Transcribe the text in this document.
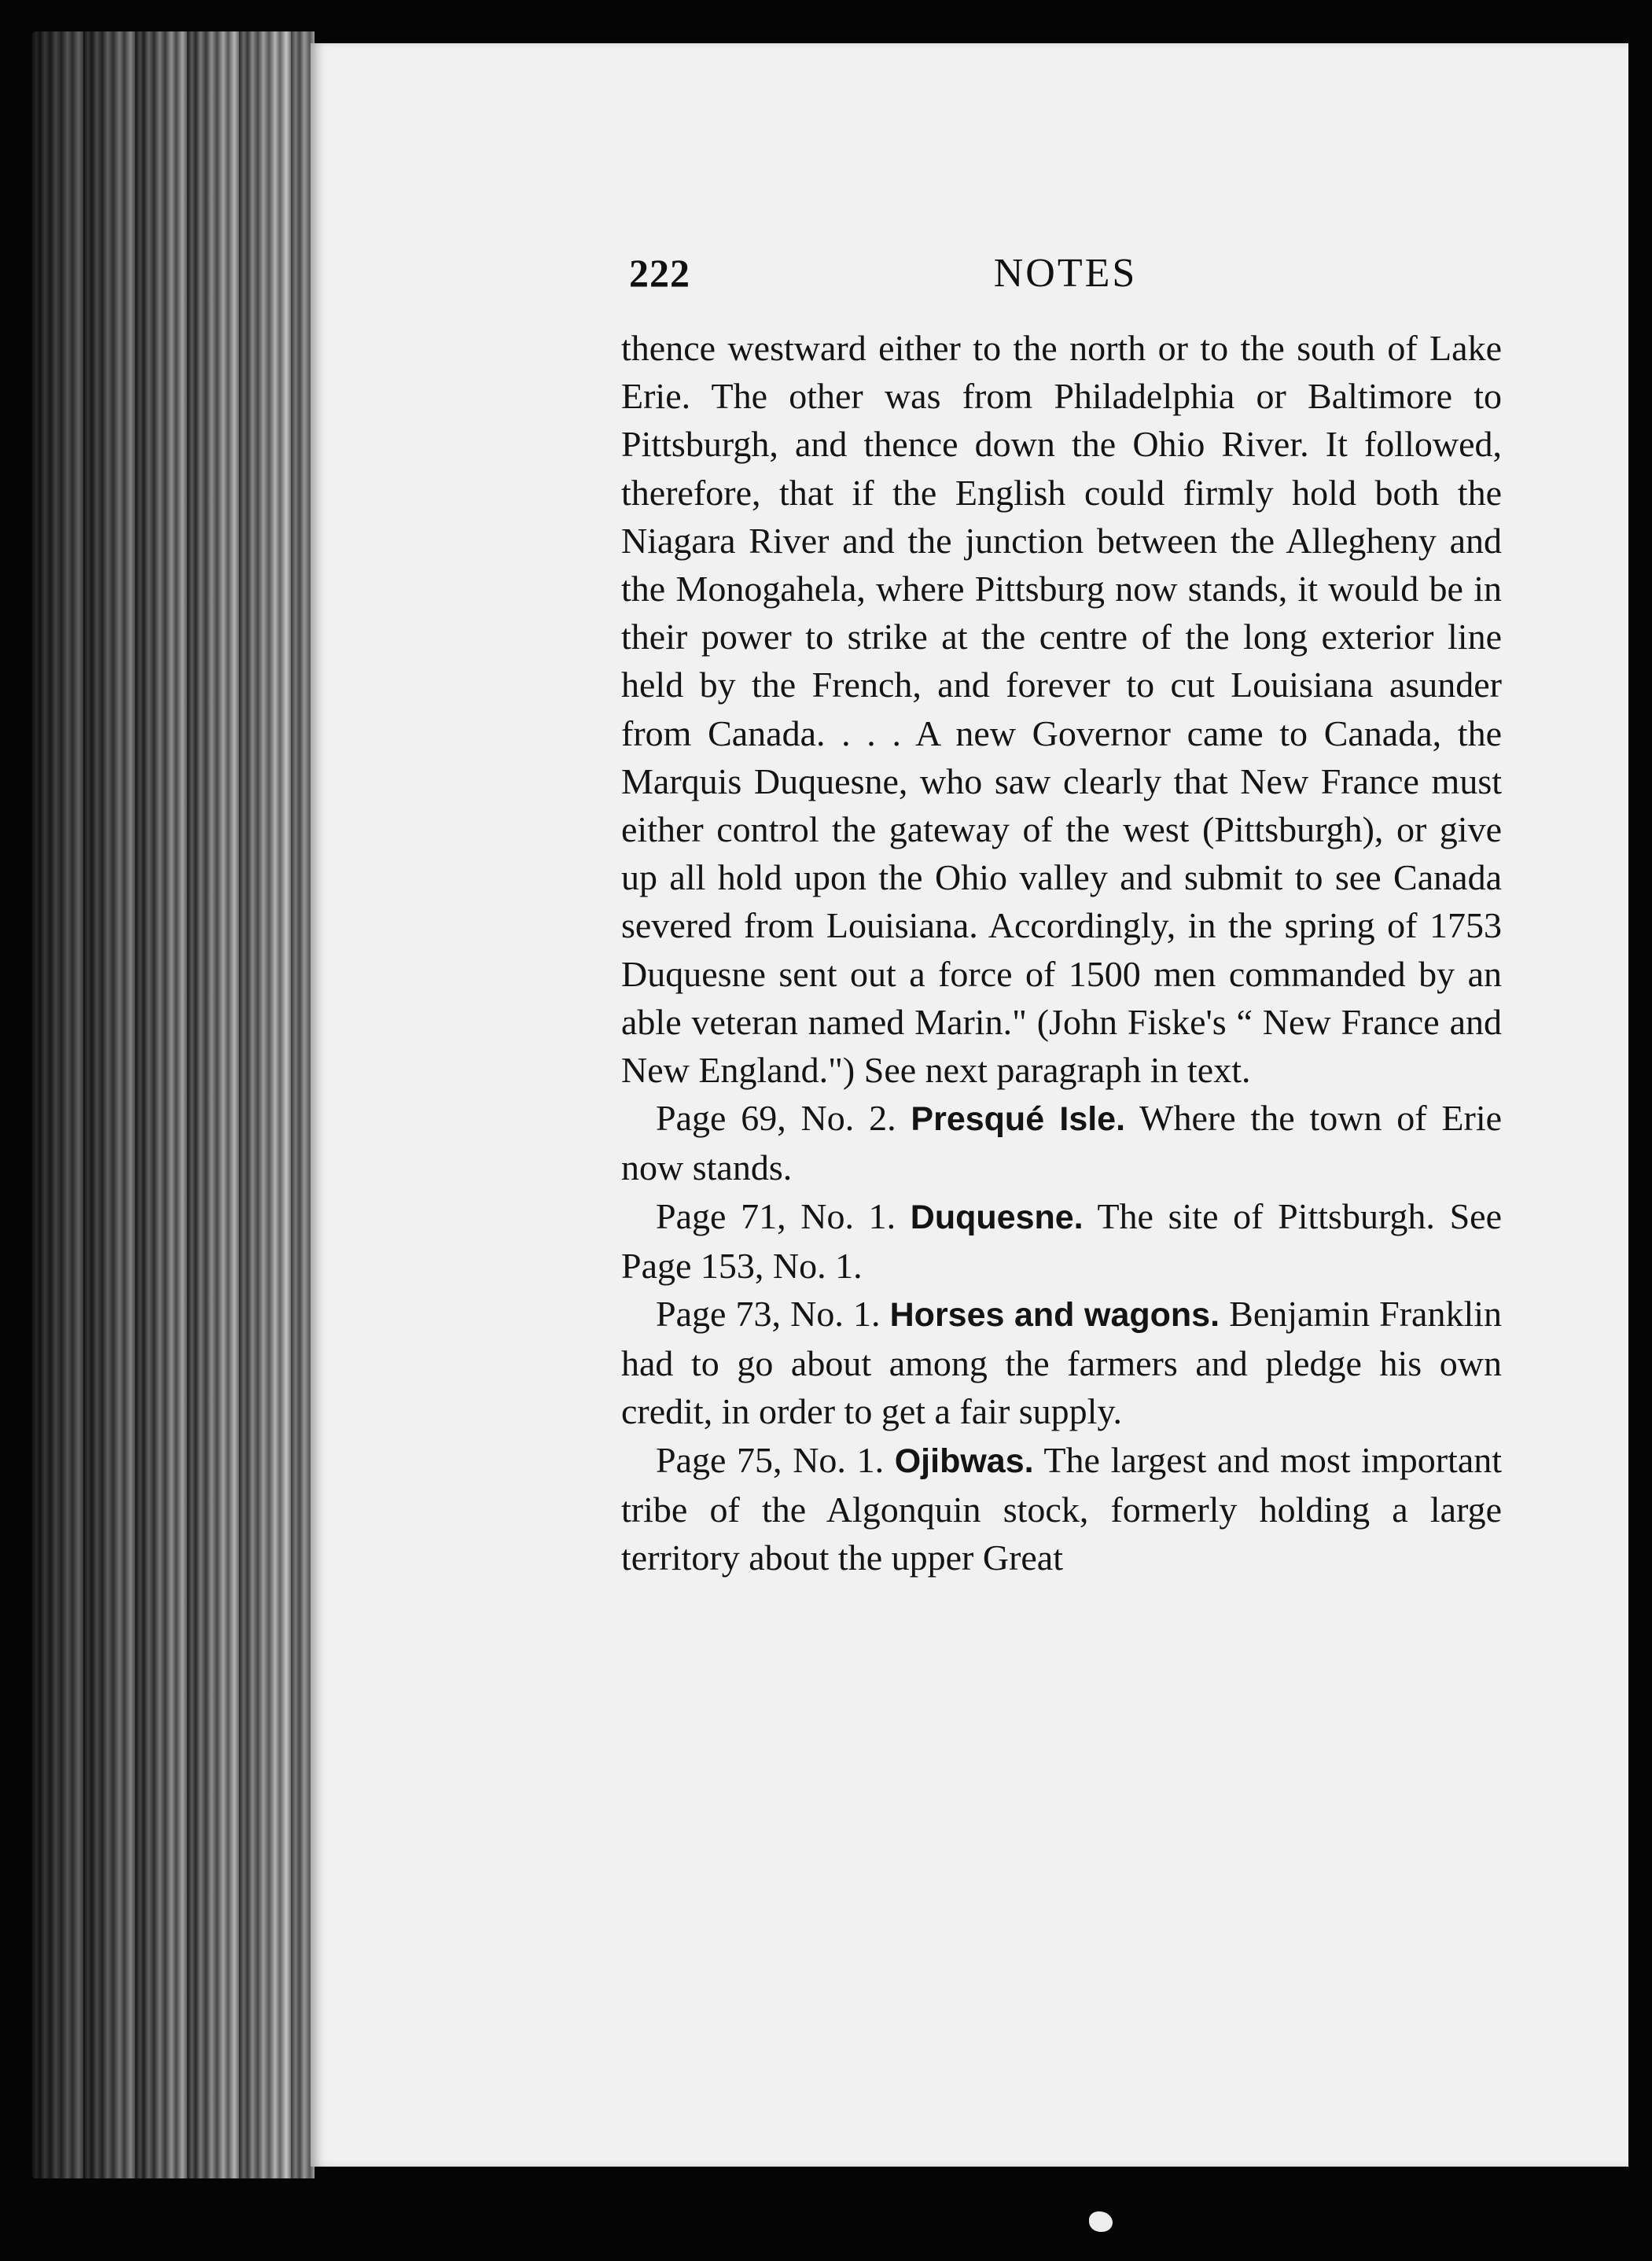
222	NOTES

thence westward either to the north or to the south of Lake Erie. The other was from Philadelphia or Baltimore to Pittsburgh, and thence down the Ohio River. It followed, therefore, that if the English could firmly hold both the Niagara River and the junction between the Allegheny and the Monogahela, where Pittsburg now stands, it would be in their power to strike at the centre of the long exterior line held by the French, and forever to cut Louisiana asunder from Canada. . . . A new Governor came to Canada, the Marquis Duquesne, who saw clearly that New France must either control the gateway of the west (Pittsburgh), or give up all hold upon the Ohio valley and submit to see Canada severed from Louisiana. Accordingly, in the spring of 1753 Duquesne sent out a force of 1500 men commanded by an able veteran named Marin." (John Fiske's “ New France and New England.") See next paragraph in text.

Page 69, No. 2. Presqué Isle. Where the town of Erie now stands.

Page 71, No. 1. Duquesne. The site of Pittsburgh. See Page 153, No. 1.

Page 73, No. 1. Horses and wagons. Benjamin Franklin had to go about among the farmers and pledge his own credit, in order to get a fair supply.

Page 75, No. 1. Ojibwas. The largest and most important tribe of the Algonquin stock, formerly holding a large territory about the upper Great
